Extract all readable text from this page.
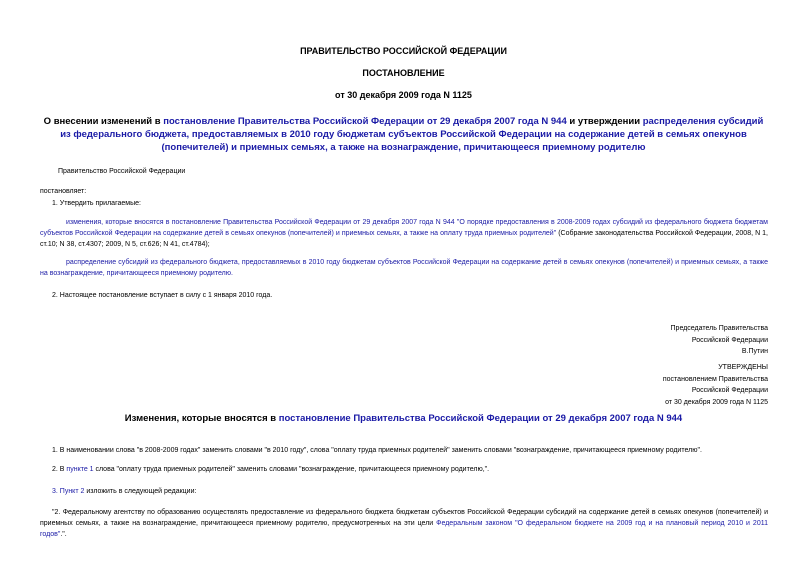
ПРАВИТЕЛЬСТВО РОССИЙСКОЙ ФЕДЕРАЦИИ
ПОСТАНОВЛЕНИЕ
от 30 декабря 2009 года N 1125
О внесении изменений в постановление Правительства Российской Федерации от 29 декабря 2007 года N 944 и утверждении распределения субсидий из федерального бюджета, предоставляемых в 2010 году бюджетам субъектов Российской Федерации на содержание детей в семьях опекунов (попечителей) и приемных семьях, а также на вознаграждение, причитающееся приемному родителю
Правительство Российской Федерации
постановляет:
1. Утвердить прилагаемые:
изменения, которые вносятся в постановление Правительства Российской Федерации от 29 декабря 2007 года N 944 "О порядке предоставления в 2008-2009 годах субсидий из федерального бюджета бюджетам субъектов Российской Федерации на содержание детей в семьях опекунов (попечителей) и приемных семьях, а также на оплату труда приемных родителей" (Собрание законодательства Российской Федерации, 2008, N 1, ст.10; N 38, ст.4307; 2009, N 5, ст.626; N 41, ст.4784);
распределение субсидий из федерального бюджета, предоставляемых в 2010 году бюджетам субъектов Российской Федерации на содержание детей в семьях опекунов (попечителей) и приемных семьях, а также на вознаграждение, причитающееся приемному родителю.
2. Настоящее постановление вступает в силу с 1 января 2010 года.
Председатель Правительства
Российской Федерации
В.Путин
УТВЕРЖДЕНЫ
постановлением Правительства
Российской Федерации
от 30 декабря 2009 года N 1125
Изменения, которые вносятся в постановление Правительства Российской Федерации от 29 декабря 2007 года N 944
1. В наименовании слова "в 2008-2009 годах" заменить словами "в 2010 году", слова "оплату труда приемных родителей" заменить словами "вознаграждение, причитающееся приемному родителю".
2. В пункте 1 слова "оплату труда приемных родителей" заменить словами "вознаграждение, причитающееся приемному родителю,".
3. Пункт 2 изложить в следующей редакции:
"2. Федеральному агентству по образованию осуществлять предоставление из федерального бюджета бюджетам субъектов Российской Федерации субсидий на содержание детей в семьях опекунов (попечителей) и приемных семьях, а также на вознаграждение, причитающееся приемному родителю, предусмотренных на эти цели Федеральным законом "О федеральном бюджете на 2009 год и на плановый период 2010 и 2011 годов".".
